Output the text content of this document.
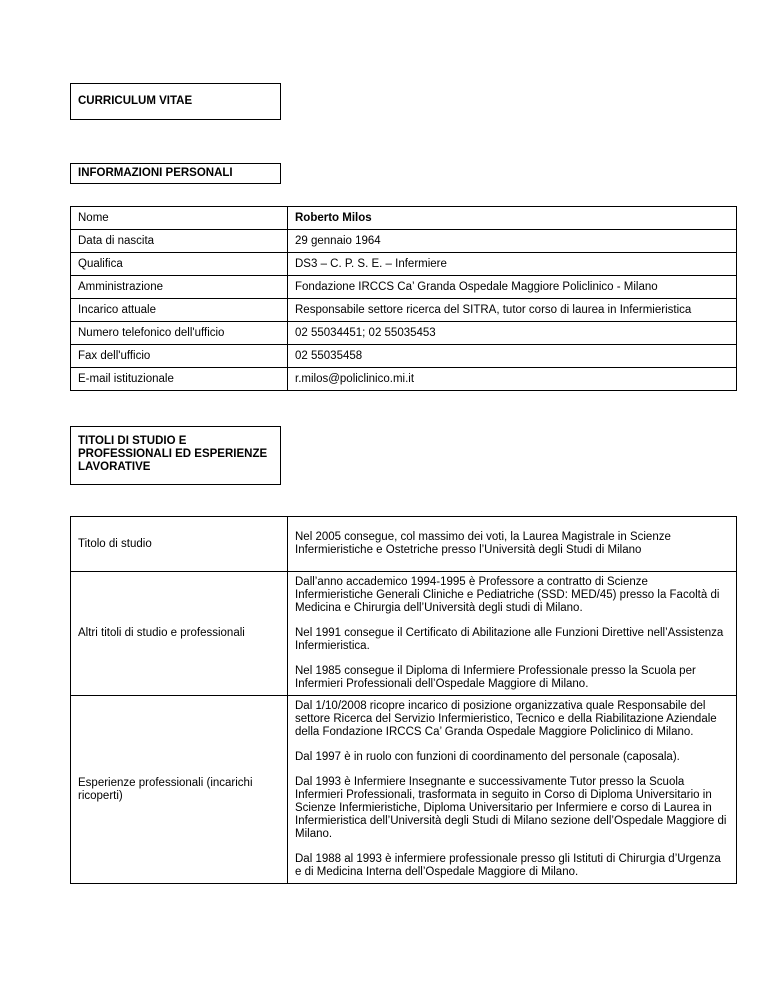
CURRICULUM VITAE
INFORMAZIONI PERSONALI
Nome	Roberto Milos
Data di nascita	29 gennaio 1964
Qualifica	DS3 – C. P. S. E. – Infermiere
Amministrazione	Fondazione IRCCS Ca’ Granda Ospedale Maggiore Policlinico - Milano
Incarico attuale	Responsabile settore ricerca del SITRA, tutor corso di laurea in Infermieristica
Numero telefonico dell'ufficio	02 55034451; 02 55035453
Fax dell'ufficio	02 55035458
E-mail istituzionale	r.milos@policlinico.mi.it
TITOLI DI STUDIO E PROFESSIONALI ED ESPERIENZE LAVORATIVE
Titolo di studio	Nel 2005 consegue, col massimo dei voti, la Laurea Magistrale in Scienze Infermieristiche e Ostetriche presso l’Università degli Studi di Milano

Altri titoli di studio e professionali	Dall’anno accademico 1994-1995 è Professore a contratto di Scienze Infermieristiche Generali Cliniche e Pediatriche (SSD: MED/45) presso la Facoltà di Medicina e Chirurgia dell’Università degli studi di Milano.

Nel 1991 consegue il Certificato di Abilitazione alle Funzioni Direttive nell’Assistenza Infermieristica.

Nel 1985 consegue il Diploma di Infermiere Professionale presso la Scuola per Infermieri Professionali dell’Ospedale Maggiore di Milano.

Esperienze professionali (incarichi ricoperti)	Dal 1/10/2008 ricopre incarico di posizione organizzativa quale Responsabile del settore Ricerca del Servizio Infermieristico, Tecnico e della Riabilitazione Aziendale della Fondazione IRCCS Ca’ Granda Ospedale Maggiore Policlinico di Milano.

Dal 1997 è in ruolo con funzioni di coordinamento del personale (caposala).

Dal 1993 è Infermiere Insegnante e successivamente Tutor presso la Scuola Infermieri Professionali, trasformata in seguito in Corso di Diploma Universitario in Scienze Infermieristiche, Diploma Universitario per Infermiere e corso di Laurea in Infermieristica dell’Università degli Studi di Milano sezione dell’Ospedale Maggiore di Milano.

Dal 1988 al 1993 è infermiere professionale presso gli Istituti di Chirurgia d’Urgenza e di Medicina Interna dell’Ospedale Maggiore di Milano.
